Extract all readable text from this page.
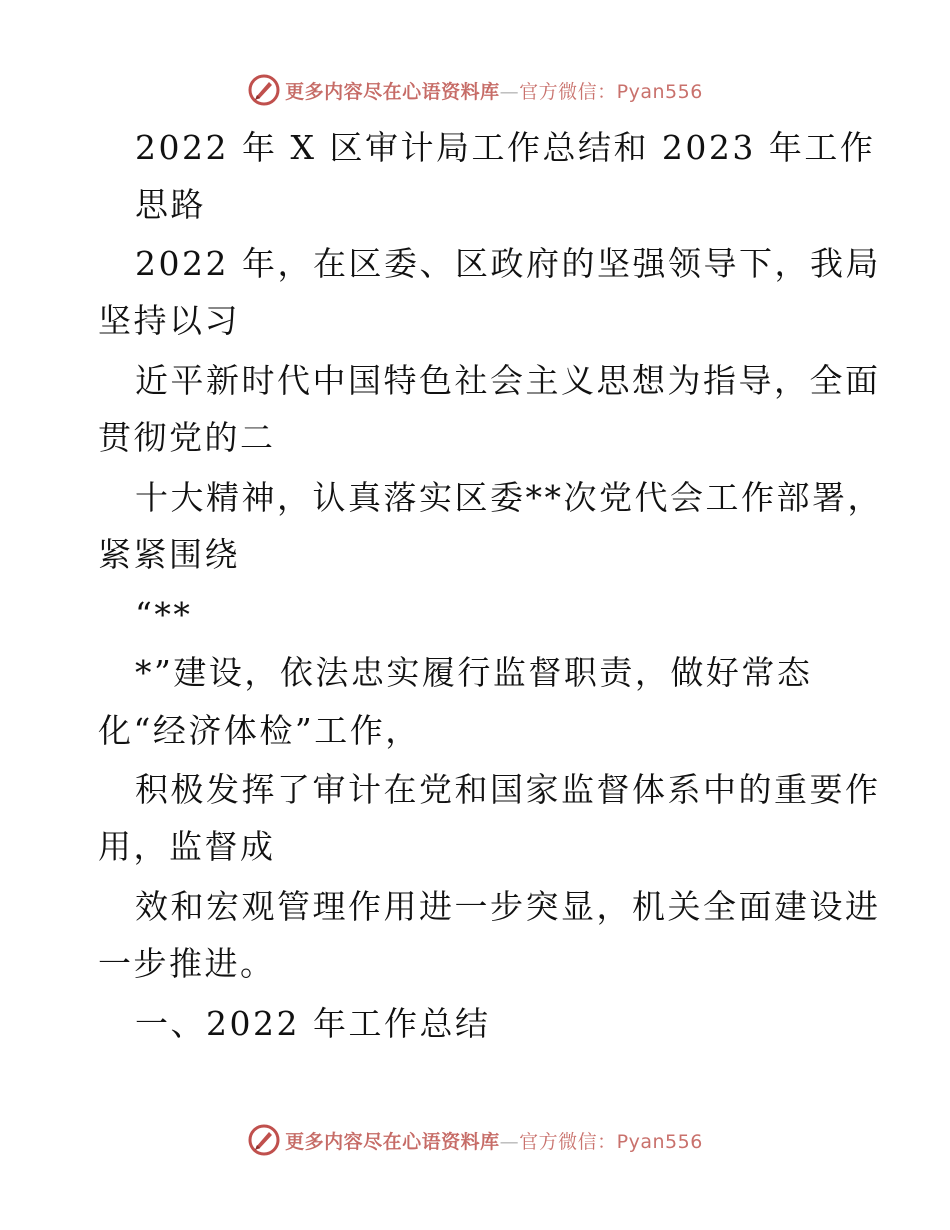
更多内容尽在心语资料库—官方微信：Pyan556
2022 年 X 区审计局工作总结和 2023 年工作
思路
2022 年，在区委、区政府的坚强领导下，我局
坚持以习
近平新时代中国特色社会主义思想为指导，全面
贯彻党的二
十大精神，认真落实区委**次党代会工作部署，
紧紧围绕
“**
*”建设，依法忠实履行监督职责，做好常态
化“经济体检”工作，
积极发挥了审计在党和国家监督体系中的重要作
用，监督成
效和宏观管理作用进一步突显，机关全面建设进
一步推进。
一、2022 年工作总结
更多内容尽在心语资料库—官方微信：Pyan556
